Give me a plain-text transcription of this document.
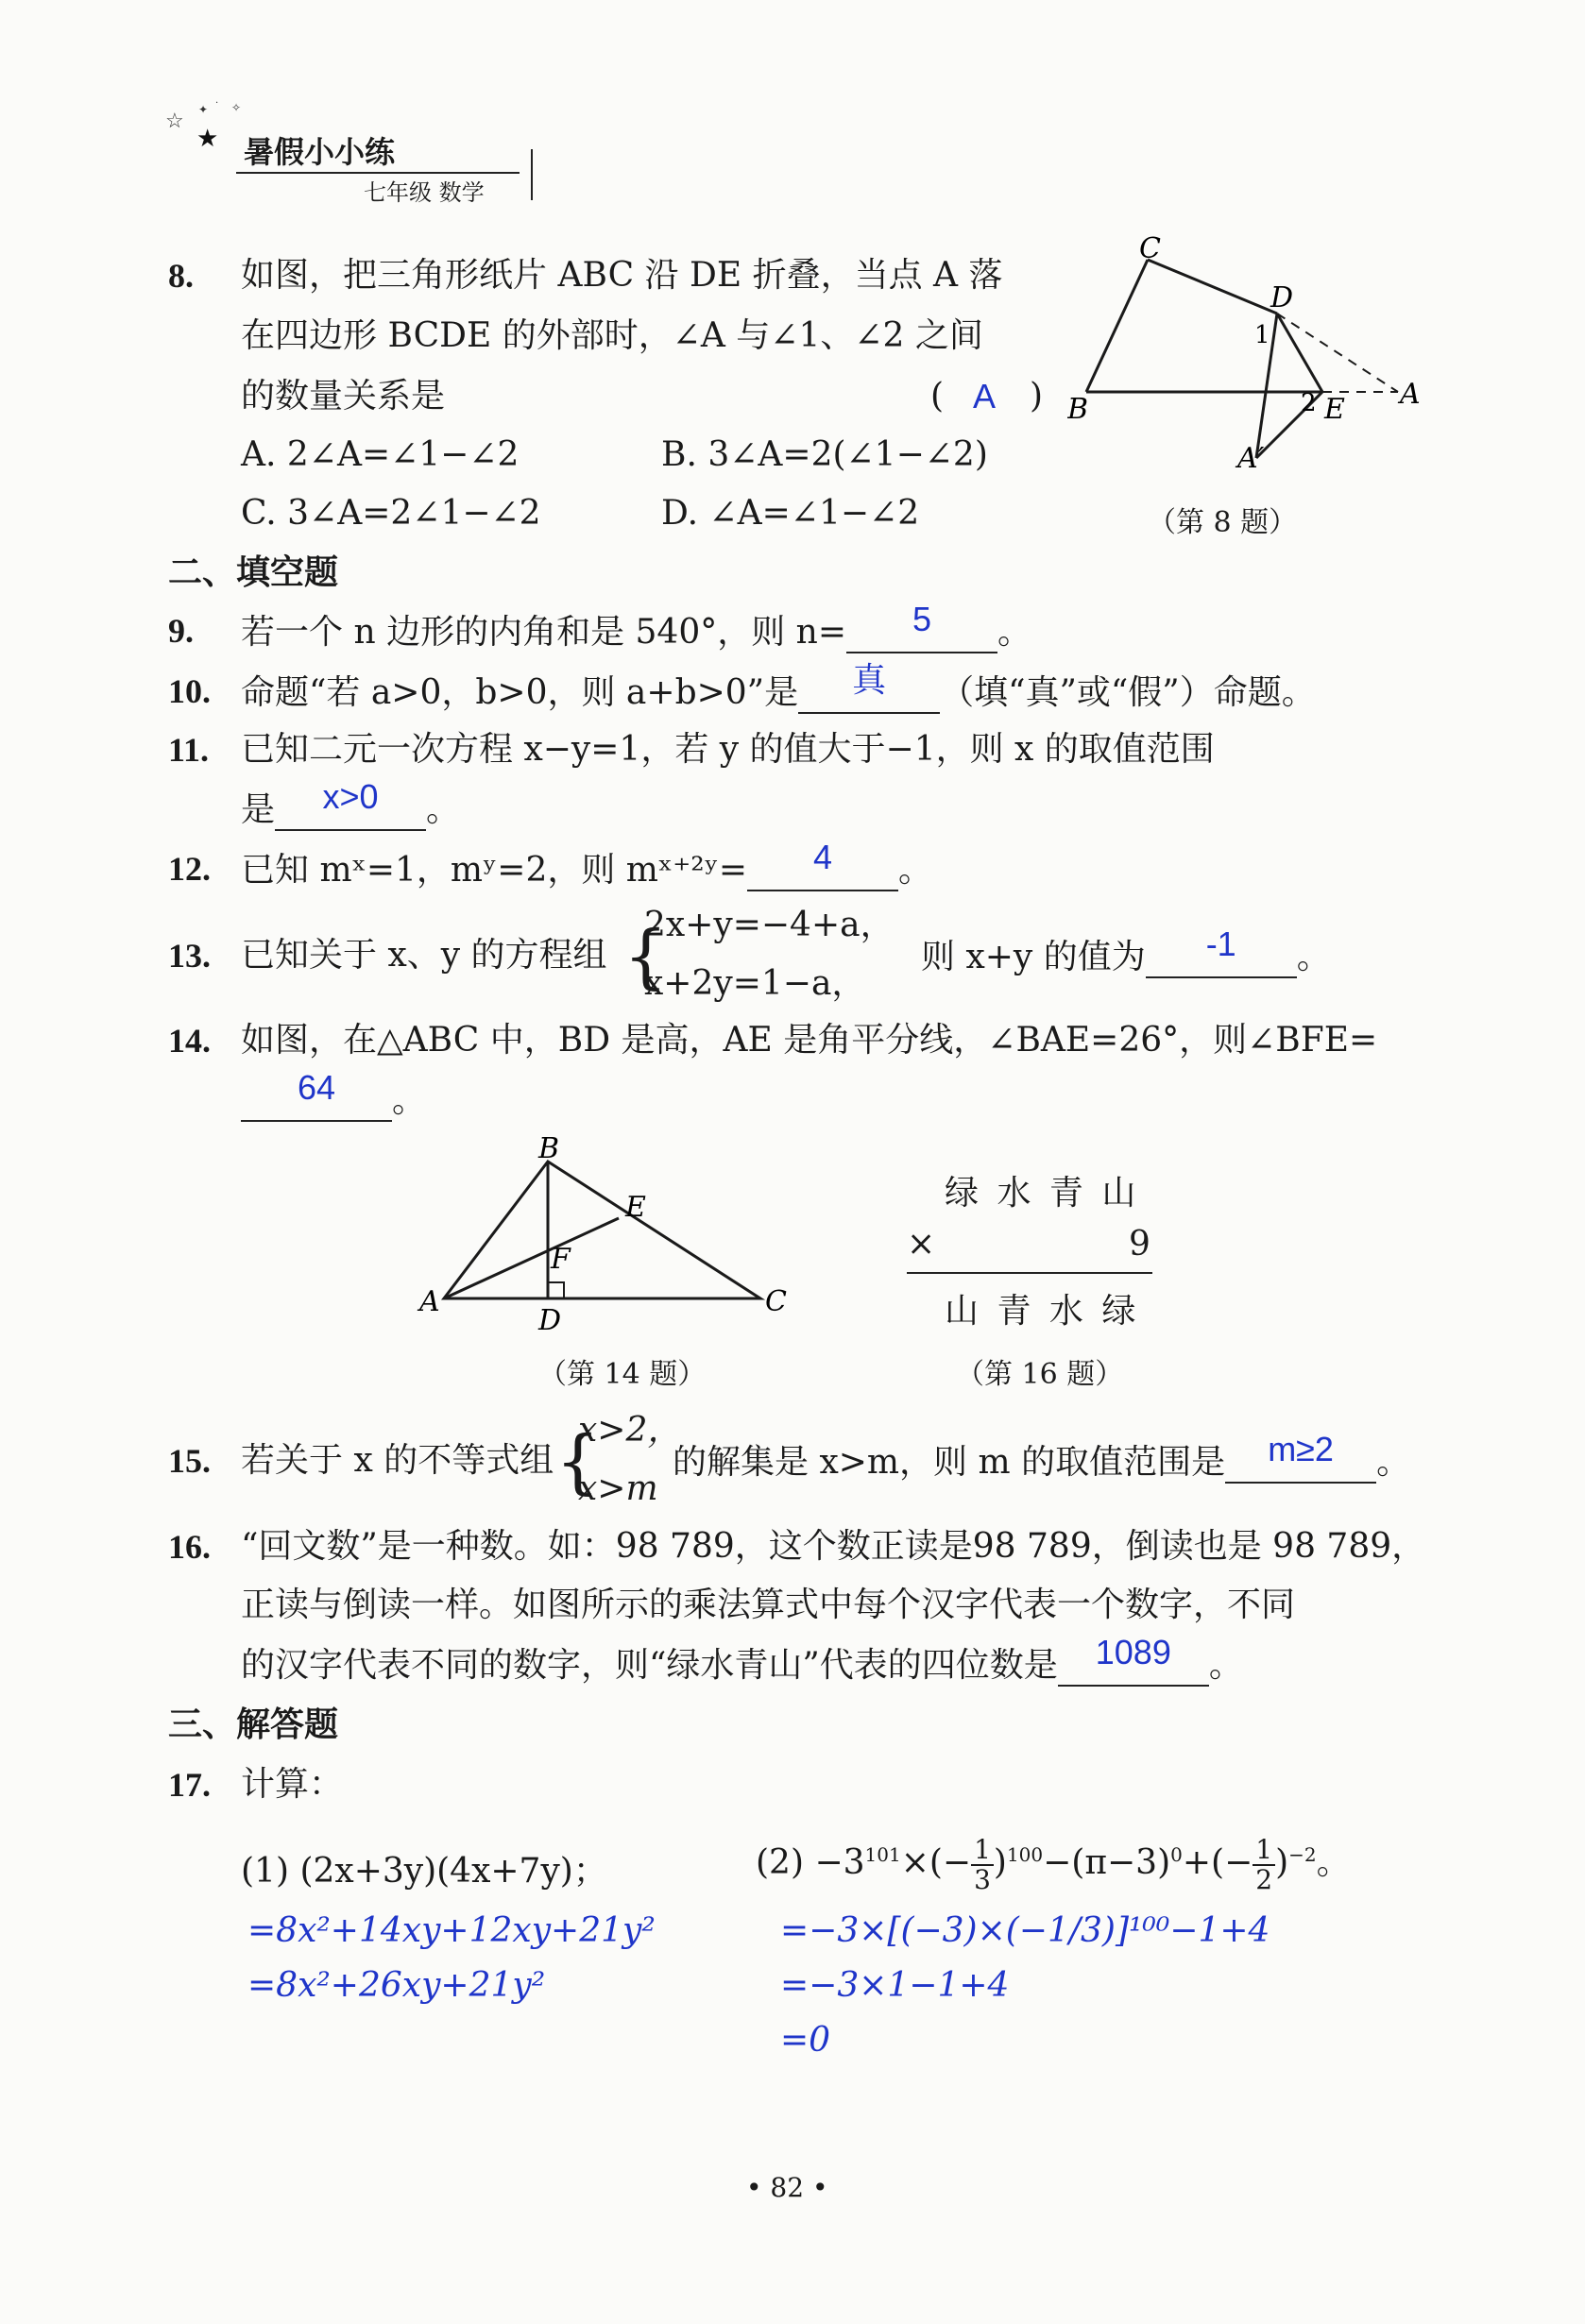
☆ ✦ · ✧
★ 暑假小小练
七年级 数学
8. 如图，把三角形纸片 ABC 沿 DE 折叠，当点 A 落
在四边形 BCDE 的外部时，∠A 与∠1、∠2 之间
的数量关系是	( A )
A. 2∠A=∠1−∠2	B. 3∠A=2(∠1−∠2)
C. 3∠A=2∠1−∠2	D. ∠A=∠1−∠2
C
D
1
2
B	E A
A′
（第 8 题）
二、填空题
9. 若一个 n 边形的内角和是 540°，则 n=	5	。
10. 命题“若 a>0，b>0，则 a+b>0”是	真	（填“真”或“假”）命题。
11. 已知二元一次方程 x−y=1，若 y 的值大于−1，则 x 的取值范围
是	x>0	。
12. 已知 mˣ=1，mʸ=2，则 mˣ⁺²ʸ=	4	。
13. 已知关于 x、y 的方程组 {
2x+y=−4+a，
x+2y=1−a，
则 x+y 的值为	-1	。
14. 如图，在△ABC 中，BD 是高，AE 是角平分线，∠BAE=26°，则∠BFE=
64	。
B
E
F
A
D
C
（第 14 题）
绿 水 青 山
×	9
山 青 水 绿
（第 16 题）
15. 若关于 x 的不等式组 {
x>2，
x>m
的解集是 x>m，则 m 的取值范围是	m≥2	。
16. “回文数”是一种数。如：98 789，这个数正读是98 789，倒读也是 98 789，
正读与倒读一样。如图所示的乘法算式中每个汉字代表一个数字，不同
的汉字代表不同的数字，则“绿水青山”代表的四位数是	1089	。
三、解答题
17. 计算：
(1) (2x+3y)(4x+7y)；
=8x²+14xy+12xy+21y²
=8x²+26xy+21y²
$(2) -3^{101}\times(- \frac{1}{3} )^{100}-(\pi-3)^0+(- \frac{1}{2} )^{-2}$。
=−3×[(−3)×(−1/3)]¹⁰⁰−1+4
=−3×1−1+4
=0
• 82 •
